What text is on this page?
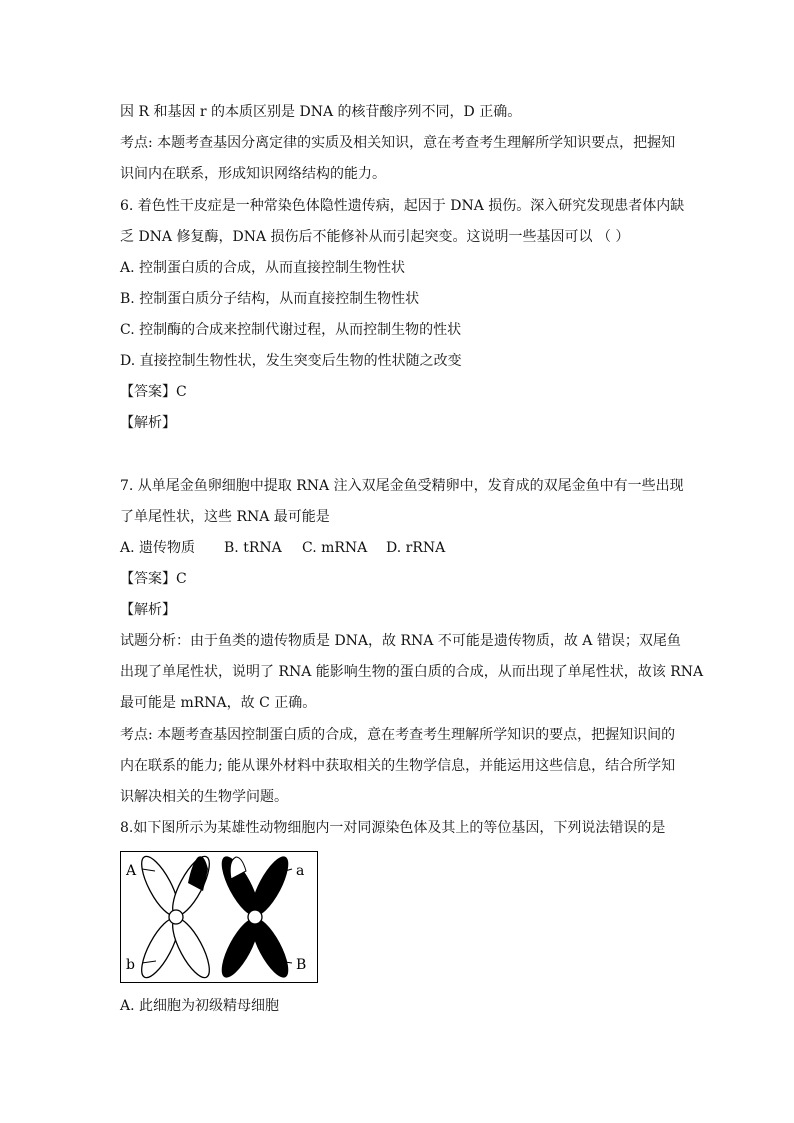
因 R 和基因 r 的本质区别是 DNA 的核苷酸序列不同，D 正确。
考点: 本题考查基因分离定律的实质及相关知识，意在考查考生理解所学知识要点，把握知
识间内在联系，形成知识网络结构的能力。
6. 着色性干皮症是一种常染色体隐性遗传病，起因于 DNA 损伤。深入研究发现患者体内缺
乏 DNA 修复酶，DNA 损伤后不能修补从而引起突变。这说明一些基因可以 （ ）
A. 控制蛋白质的合成，从而直接控制生物性状
B. 控制蛋白质分子结构，从而直接控制生物性状
C. 控制酶的合成来控制代谢过程，从而控制生物的性状
D. 直接控制生物性状，发生突变后生物的性状随之改变
【答案】C
【解析】
7. 从单尾金鱼卵细胞中提取 RNA 注入双尾金鱼受精卵中，发育成的双尾金鱼中有一些出现
了单尾性状，这些 RNA 最可能是
A. 遗传物质 B. tRNA C. mRNA D. rRNA
【答案】C
【解析】
试题分析：由于鱼类的遗传物质是 DNA，故 RNA 不可能是遗传物质，故 A 错误；双尾鱼
出现了单尾性状，说明了 RNA 能影响生物的蛋白质的合成，从而出现了单尾性状，故该 RNA
最可能是 mRNA，故 C 正确。
考点: 本题考查基因控制蛋白质的合成，意在考查考生理解所学知识的要点，把握知识间的
内在联系的能力; 能从课外材料中获取相关的生物学信息，并能运用这些信息，结合所学知
识解决相关的生物学问题。
8.如下图所示为某雄性动物细胞内一对同源染色体及其上的等位基因，下列说法错误的是
A
b
a
B
A. 此细胞为初级精母细胞
